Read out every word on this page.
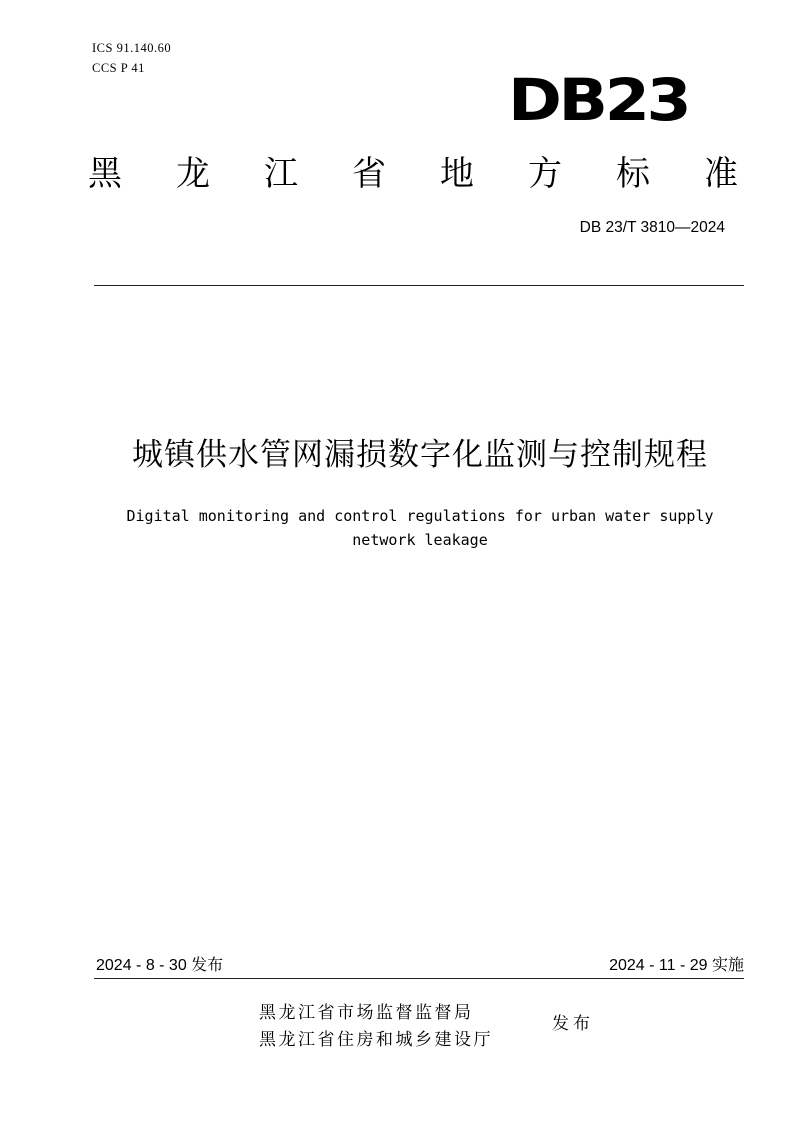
ICS 91.140.60
CCS P 41	DB23
黑 龙 江 省 地 方 标 准
DB 23/T 3810—2024
城镇供水管网漏损数字化监测与控制规程
Digital monitoring and control regulations for urban water supply
network leakage
2024 - 8 - 30 发布	2024 - 11 - 29 实施
黑龙江省市场监督监督局
黑龙江省住房和城乡建设厅
发布
